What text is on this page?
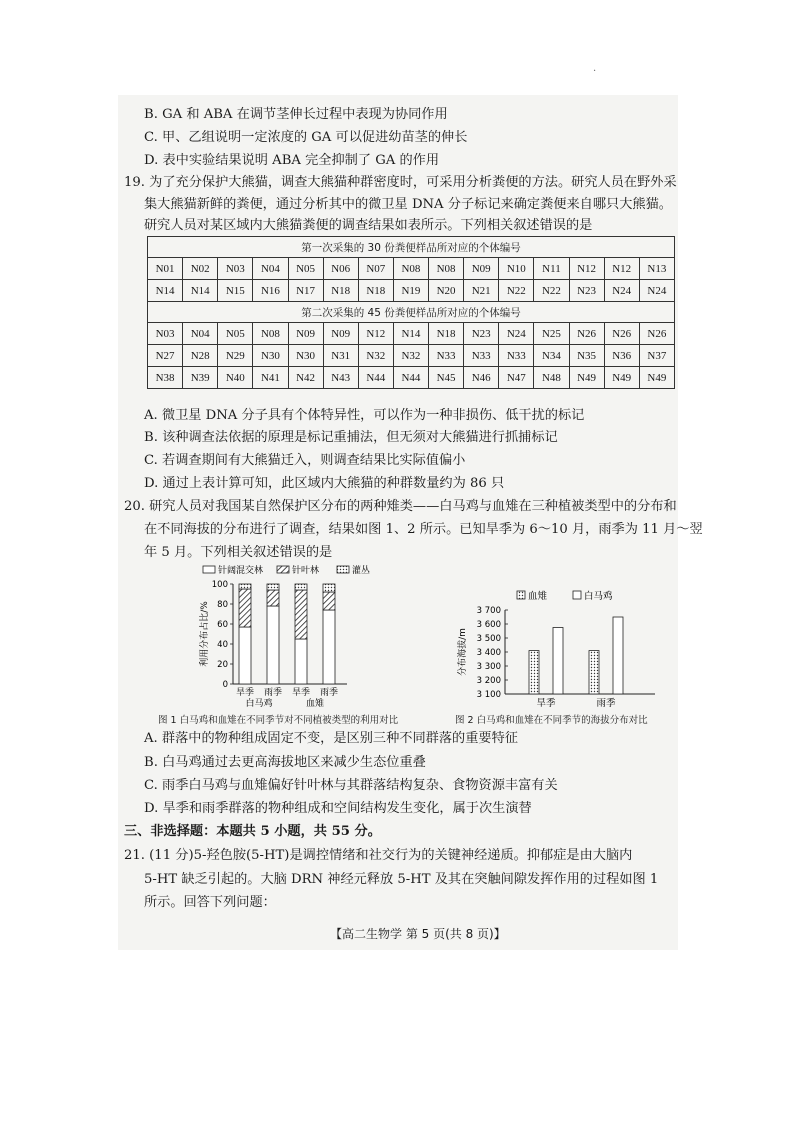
.
B. GA 和 ABA 在调节茎伸长过程中表现为协同作用
C. 甲、乙组说明一定浓度的 GA 可以促进幼苗茎的伸长
D. 表中实验结果说明 ABA 完全抑制了 GA 的作用
19. 为了充分保护大熊猫，调查大熊猫种群密度时，可采用分析粪便的方法。研究人员在野外采
集大熊猫新鲜的粪便，通过分析其中的微卫星 DNA 分子标记来确定粪便来自哪只大熊猫。
研究人员对某区域内大熊猫粪便的调查结果如表所示。下列相关叙述错误的是
第一次采集的 30 份粪便样品所对应的个体编号														
N01	N02	N03	N04	N05	N06	N07	N08	N08	N09	N10	N11	N12	N12	N13
N14	N14	N15	N16	N17	N18	N18	N19	N20	N21	N22	N22	N23	N24	N24
第二次采集的 45 份粪便样品所对应的个体编号														
N03	N04	N05	N08	N09	N09	N12	N14	N18	N23	N24	N25	N26	N26	N26
N27	N28	N29	N30	N30	N31	N32	N32	N33	N33	N33	N34	N35	N36	N37
N38	N39	N40	N41	N42	N43	N44	N44	N45	N46	N47	N48	N49	N49	N49
A. 微卫星 DNA 分子具有个体特异性，可以作为一种非损伤、低干扰的标记
B. 该种调查法依据的原理是标记重捕法，但无须对大熊猫进行抓捕标记
C. 若调查期间有大熊猫迁入，则调查结果比实际值偏小
D. 通过上表计算可知，此区域内大熊猫的种群数量约为 86 只
20. 研究人员对我国某自然保护区分布的两种雉类——白马鸡与血雉在三种植被类型中的分布和
在不同海拔的分布进行了调查，结果如图 1、2 所示。已知旱季为 6～10 月，雨季为 11 月～翌
年 5 月。下列相关叙述错误的是
针阔混交林	针叶林	灌丛
0
20
40
60
80
100
利用分布占比/%
旱季 雨季 旱季 雨季
白马鸡	血雉
图 1 白马鸡和血雉在不同季节对不同植被类型的利用对比
血雉	白马鸡
3 100
3 200
3 300
3 400
3 500
3 600
3 700
分布海拔/m
旱季	雨季
图 2 白马鸡和血雉在不同季节的海拔分布对比
A. 群落中的物种组成固定不变，是区别三种不同群落的重要特征
B. 白马鸡通过去更高海拔地区来减少生态位重叠
C. 雨季白马鸡与血雉偏好针叶林与其群落结构复杂、食物资源丰富有关
D. 旱季和雨季群落的物种组成和空间结构发生变化，属于次生演替
三、非选择题：本题共 5 小题，共 55 分。
21. (11 分)5-羟色胺(5-HT)是调控情绪和社交行为的关键神经递质。抑郁症是由大脑内
5-HT 缺乏引起的。大脑 DRN 神经元释放 5-HT 及其在突触间隙发挥作用的过程如图 1
所示。回答下列问题：
【高二生物学 第 5 页(共 8 页)】
